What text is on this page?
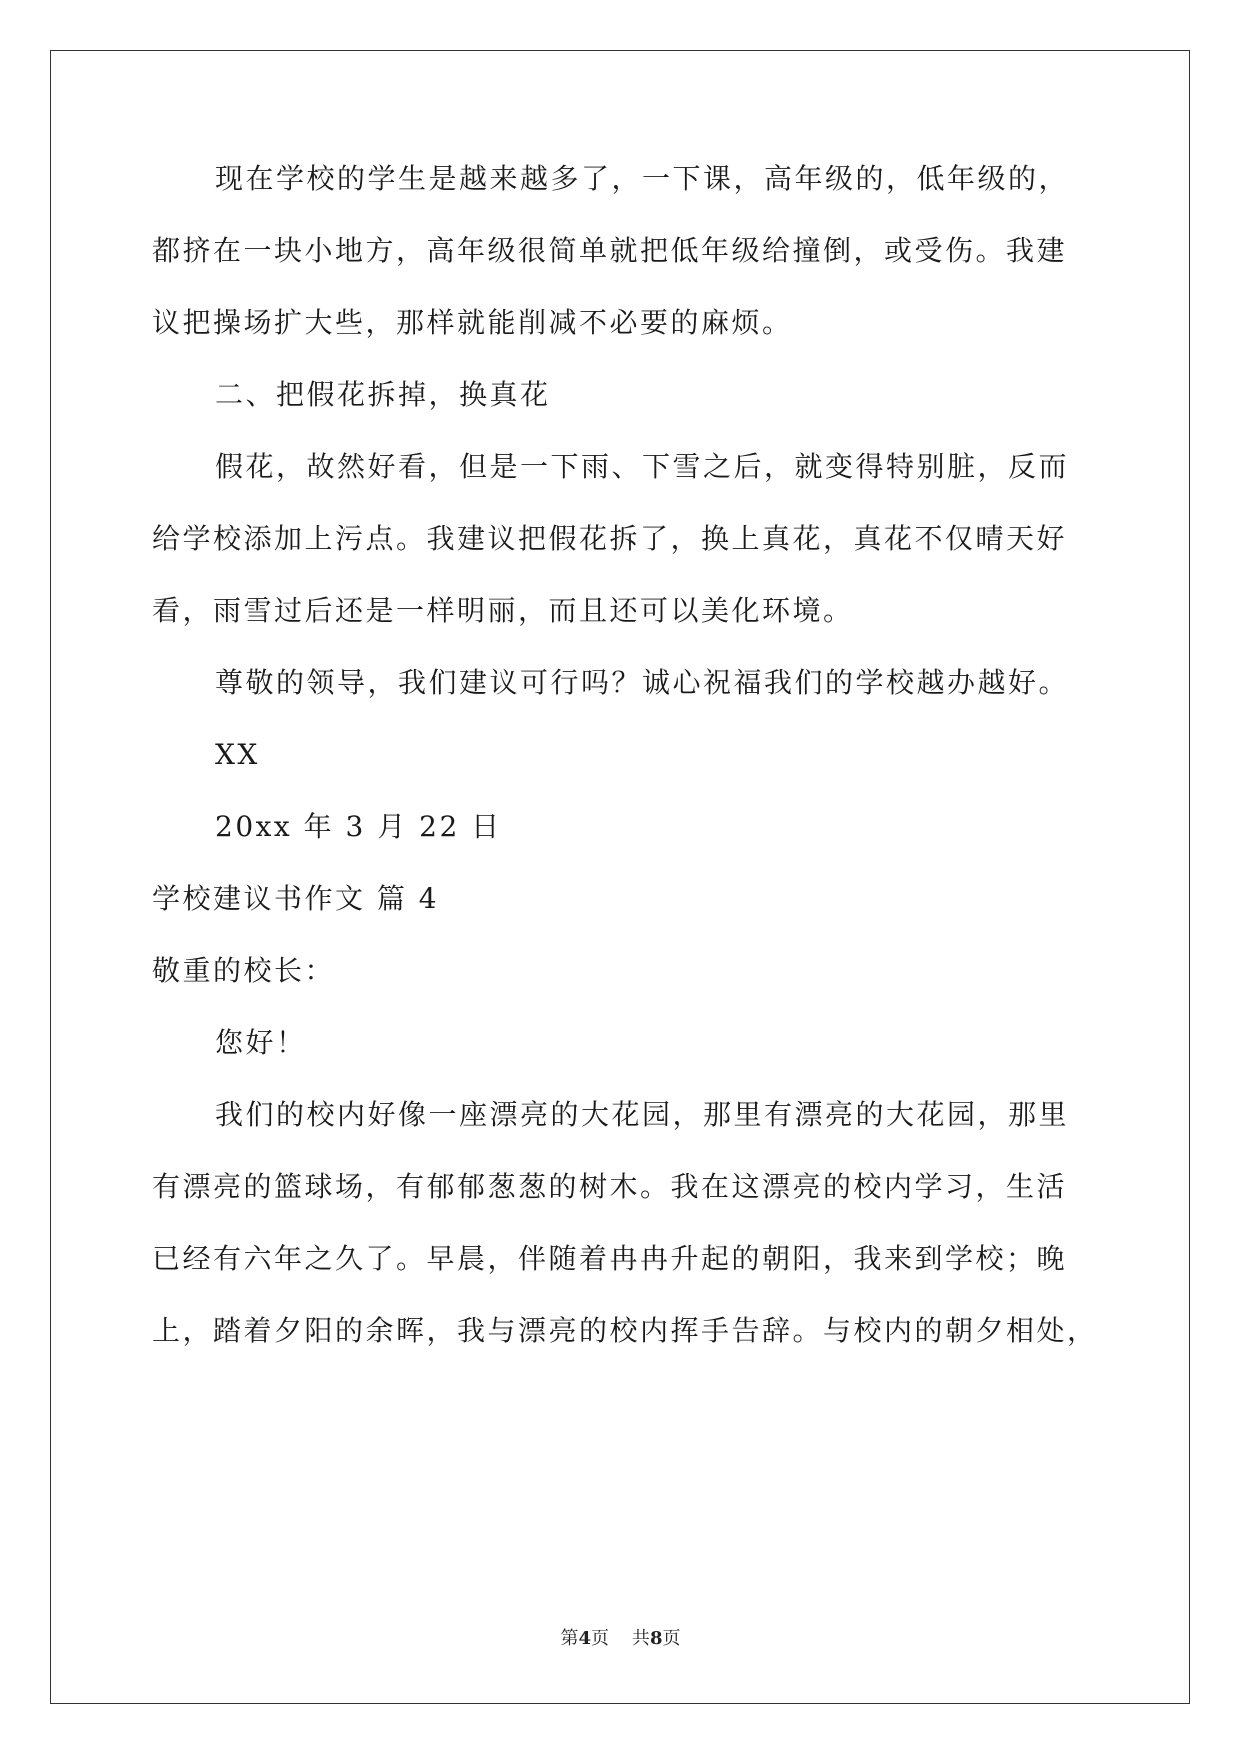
现在学校的学生是越来越多了，一下课，高年级的，低年级的，
都挤在一块小地方，高年级很简单就把低年级给撞倒，或受伤。我建
议把操场扩大些，那样就能削减不必要的麻烦。
二、把假花拆掉，换真花
假花，故然好看，但是一下雨、下雪之后，就变得特别脏，反而
给学校添加上污点。我建议把假花拆了，换上真花，真花不仅晴天好
看，雨雪过后还是一样明丽，而且还可以美化环境。
尊敬的领导，我们建议可行吗？诚心祝福我们的学校越办越好。
XX
20xx 年 3 月 22 日
学校建议书作文 篇 4
敬重的校长：
您好！
我们的校内好像一座漂亮的大花园，那里有漂亮的大花园，那里
有漂亮的篮球场，有郁郁葱葱的树木。我在这漂亮的校内学习，生活
已经有六年之久了。早晨，伴随着冉冉升起的朝阳，我来到学校；晚
上，踏着夕阳的余晖，我与漂亮的校内挥手告辞。与校内的朝夕相处，
第4页    共8页
